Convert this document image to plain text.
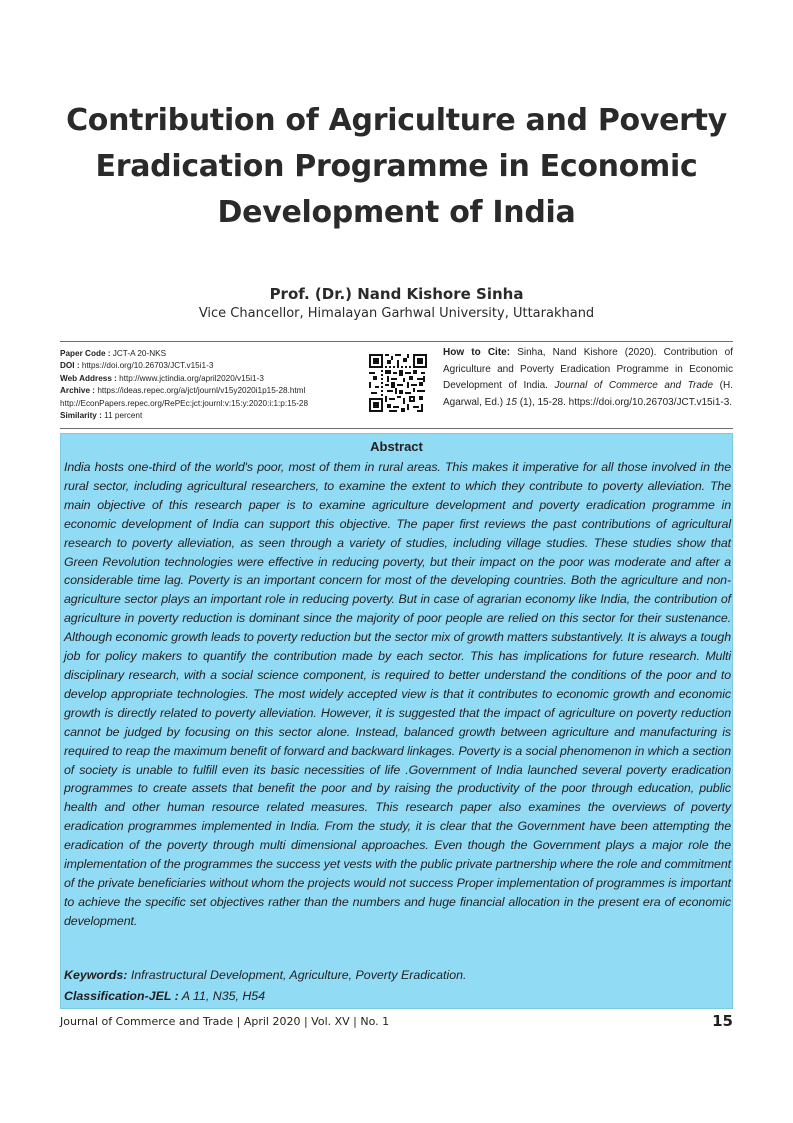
Contribution of Agriculture and Poverty
Eradication Programme in Economic
Development of India
Prof. (Dr.) Nand Kishore Sinha
Vice Chancellor, Himalayan Garhwal University, Uttarakhand
Paper Code : JCT-A 20-NKS
DOI : https://doi.org/10.26703/JCT.v15i1-3
Web Address : http://www.jctindia.org/april2020/v15i1-3
Archive : https://ideas.repec.org/a/jct/journl/v15y2020i1p15-28.html
http://EconPapers.repec.org/RePEc:jct:journl:v:15:y:2020:i:1:p:15-28
Similarity : 11 percent
How to Cite: Sinha, Nand Kishore (2020). Contribution of Agriculture and Poverty Eradication Programme in Economic Development of India. Journal of Commerce and Trade (H. Agarwal, Ed.) 15 (1), 15-28. https://doi.org/10.26703/JCT.v15i1-3.
Abstract
India hosts one-third of the world's poor, most of them in rural areas. This makes it imperative for all those involved in the rural sector, including agricultural researchers, to examine the extent to which they contribute to poverty alleviation. The main objective of this research paper is to examine agriculture development and poverty eradication programme in economic development of India can support this objective. The paper first reviews the past contributions of agricultural research to poverty alleviation, as seen through a variety of studies, including village studies. These studies show that Green Revolution technologies were effective in reducing poverty, but their impact on the poor was moderate and after a considerable time lag. Poverty is an important concern for most of the developing countries. Both the agriculture and non-agriculture sector plays an important role in reducing poverty. But in case of agrarian economy like India, the contribution of agriculture in poverty reduction is dominant since the majority of poor people are relied on this sector for their sustenance. Although economic growth leads to poverty reduction but the sector mix of growth matters substantively. It is always a tough job for policy makers to quantify the contribution made by each sector. This has implications for future research. Multi disciplinary research, with a social science component, is required to better understand the conditions of the poor and to develop appropriate technologies. The most widely accepted view is that it contributes to economic growth and economic growth is directly related to poverty alleviation. However, it is suggested that the impact of agriculture on poverty reduction cannot be judged by focusing on this sector alone. Instead, balanced growth between agriculture and manufacturing is required to reap the maximum benefit of forward and backward linkages. Poverty is a social phenomenon in which a section of society is unable to fulfill even its basic necessities of life .Government of India launched several poverty eradication programmes to create assets that benefit the poor and by raising the productivity of the poor through education, public health and other human resource related measures. This research paper also examines the overviews of poverty eradication programmes implemented in India. From the study, it is clear that the Government have been attempting the eradication of the poverty through multi dimensional approaches. Even though the Government plays a major role the implementation of the programmes the success yet vests with the public private partnership where the role and commitment of the private beneficiaries without whom the projects would not success Proper implementation of programmes is important to achieve the specific set objectives rather than the numbers and huge financial allocation in the present era of economic development.
Keywords: Infrastructural Development, Agriculture, Poverty Eradication.
Classification-JEL : A 11, N35, H54
Journal of Commerce and Trade | April 2020 | Vol. XV | No. 1	15
